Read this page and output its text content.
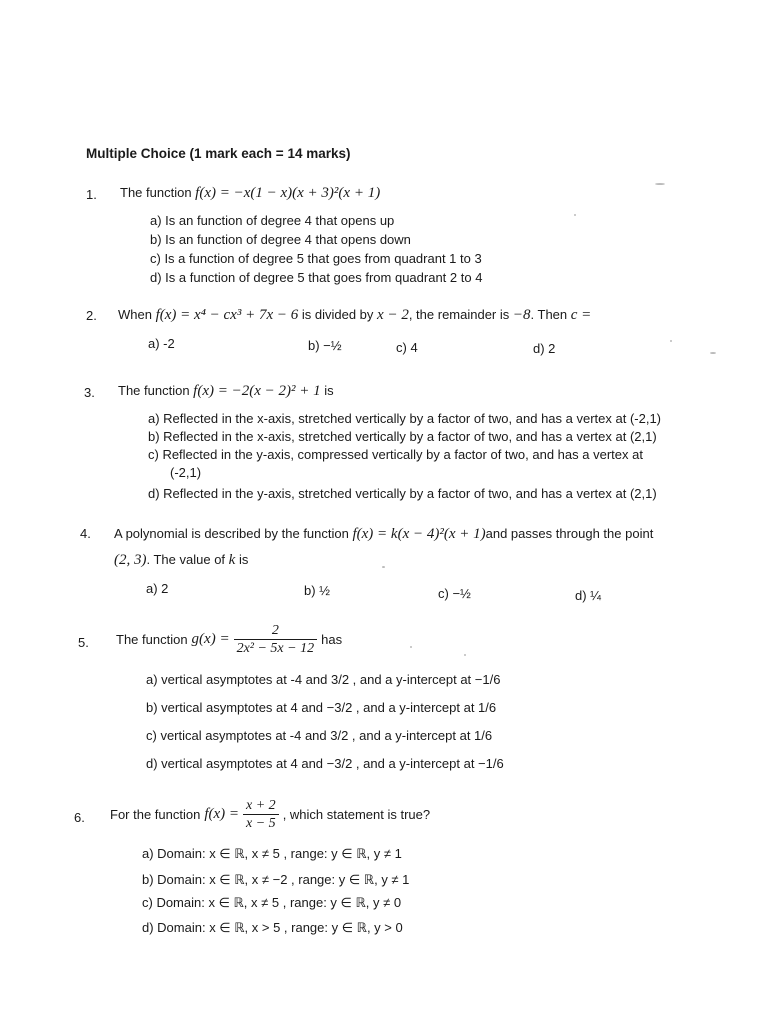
Multiple Choice (1 mark each = 14 marks)
1. The function f(x) = −x(1 − x)(x + 3)²(x + 1)
a) Is an function of degree 4 that opens up
b) Is an function of degree 4 that opens down
c) Is a function of degree 5 that goes from quadrant 1 to 3
d) Is a function of degree 5 that goes from quadrant 2 to 4
2. When f(x) = x⁴ − cx³ + 7x − 6 is divided by x − 2, the remainder is −8. Then c =
a) -2	b) −½	c) 4	d) 2
3. The function f(x) = −2(x − 2)² + 1 is
a) Reflected in the x-axis, stretched vertically by a factor of two, and has a vertex at (-2,1)
b) Reflected in the x-axis, stretched vertically by a factor of two, and has a vertex at (2,1)
c) Reflected in the y-axis, compressed vertically by a factor of two, and has a vertex at
(-2,1)
d) Reflected in the y-axis, stretched vertically by a factor of two, and has a vertex at (2,1)
4. A polynomial is described by the function f(x) = k(x − 4)²(x + 1)and passes through the point
(2, 3). The value of k is
a) 2	b) ½	c) −½	d) ¼
5. The function $g(x) = \frac{2}{\text{2x² − 5x − 12}}$ has
a) vertical asymptotes at -4 and 3/2 , and a y-intercept at −1/6
b) vertical asymptotes at 4 and −3/2 , and a y-intercept at 1/6
c) vertical asymptotes at -4 and 3/2 , and a y-intercept at 1/6
d) vertical asymptotes at 4 and −3/2 , and a y-intercept at −1/6
6. For the function $f(x) = \frac{x + 2}{x - 5}$ , which statement is true?
a) Domain: x ∈ ℝ, x ≠ 5 , range: y ∈ ℝ, y ≠ 1
b) Domain: x ∈ ℝ, x ≠ −2 , range: y ∈ ℝ, y ≠ 1
c) Domain: x ∈ ℝ, x ≠ 5 , range: y ∈ ℝ, y ≠ 0
d) Domain: x ∈ ℝ, x > 5 , range: y ∈ ℝ, y > 0
